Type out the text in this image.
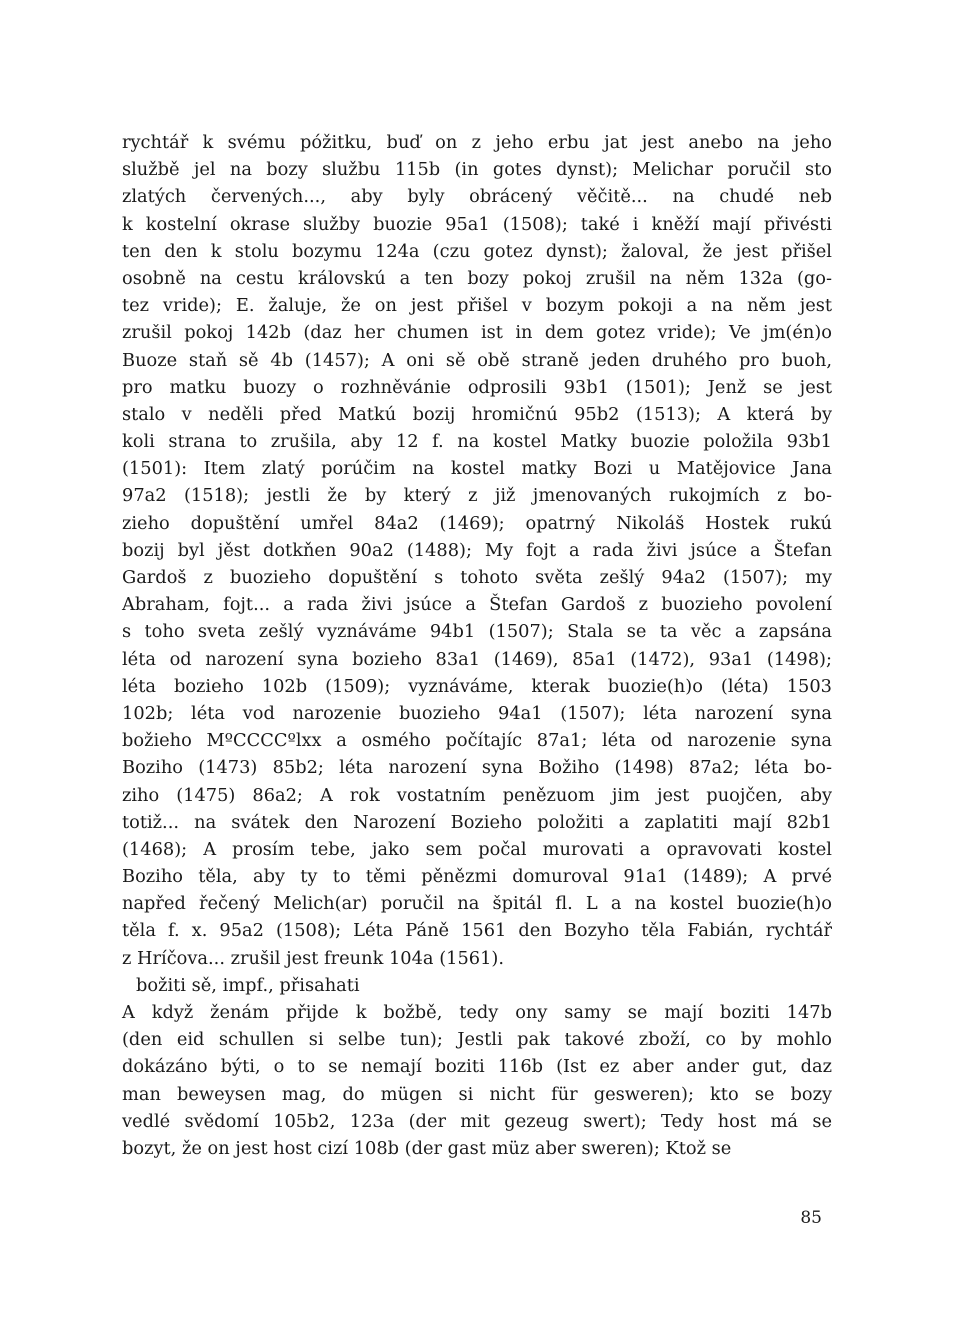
rychtář k svému póžitku, buď on z jeho erbu jat jest anebo na jeho
službě jel na bozy službu 115b (in gotes dynst); Melichar poručil sto
zlatých červených..., aby byly obrácený věčitě... na chudé neb
k kostelní okrase služby buozie 95a1 (1508); také i kněží mají přivésti
ten den k stolu bozymu 124a (czu gotez dynst); žaloval, že jest přišel
osobně na cestu královskú a ten bozy pokoj zrušil na něm 132a (go-
tez vride); E. žaluje, že on jest přišel v bozym pokoji a na něm jest
zrušil pokoj 142b (daz her chumen ist in dem gotez vride); Ve jm(én)o
Buoze staň sě 4b (1457); A oni sě obě straně jeden druhého pro buoh,
pro matku buozy o rozhněvánie odprosili 93b1 (1501); Jenž se jest
stalo v neděli před Matkú bozij hromičnú 95b2 (1513); A která by
koli strana to zrušila, aby 12 f. na kostel Matky buozie položila 93b1
(1501): Item zlatý porúčim na kostel matky Bozi u Matějovice Jana
97a2 (1518); jestli že by který z již jmenovaných rukojmích z bo-
zieho dopuštění umřel 84a2 (1469); opatrný Nikoláš Hostek rukú
bozij byl jěst dotkňen 90a2 (1488); My fojt a rada živi jsúce a Štefan
Gardoš z buozieho dopuštění s tohoto světa zešlý 94a2 (1507); my
Abraham, fojt... a rada živi jsúce a Štefan Gardoš z buozieho povolení
s toho sveta zešlý vyznáváme 94b1 (1507); Stala se ta věc a zapsána
léta od narození syna bozieho 83a1 (1469), 85a1 (1472), 93a1 (1498);
léta bozieho 102b (1509); vyznáváme, kterak buozie(h)o (léta) 1503
102b; léta vod narozenie buozieho 94a1 (1507); léta narození syna
božieho MºCCCCºlxx a osmého počítajíc 87a1; léta od narozenie syna
Boziho (1473) 85b2; léta narození syna Božiho (1498) 87a2; léta bo-
ziho (1475) 86a2; A rok vostatním penězuom jim jest puojčen, aby
totiž... na svátek den Narození Bozieho položiti a zaplatiti mají 82b1
(1468); A prosím tebe, jako sem počal murovati a opravovati kostel
Boziho těla, aby ty to těmi pěnězmi domuroval 91a1 (1489); A prvé
napřed řečený Melich(ar) poručil na špitál fl. L a na kostel buozie(h)o
těla f. x. 95a2 (1508); Léta Páně 1561 den Bozyho těla Fabián, rychtář
z Hríčova... zrušil jest freunk 104a (1561).
božiti sě, impf., přisahati
A když ženám přijde k božbě, tedy ony samy se mají boziti 147b
(den eid schullen si selbe tun); Jestli pak takové zboží, co by mohlo
dokázáno býti, o to se nemají boziti 116b (Ist ez aber ander gut, daz
man beweysen mag, do mügen si nicht für gesweren); kto se bozy
vedlé svědomí 105b2, 123a (der mit gezeug swert); Tedy host má se
bozyt, že on jest host cizí 108b (der gast müz aber sweren); Ktož se
85
